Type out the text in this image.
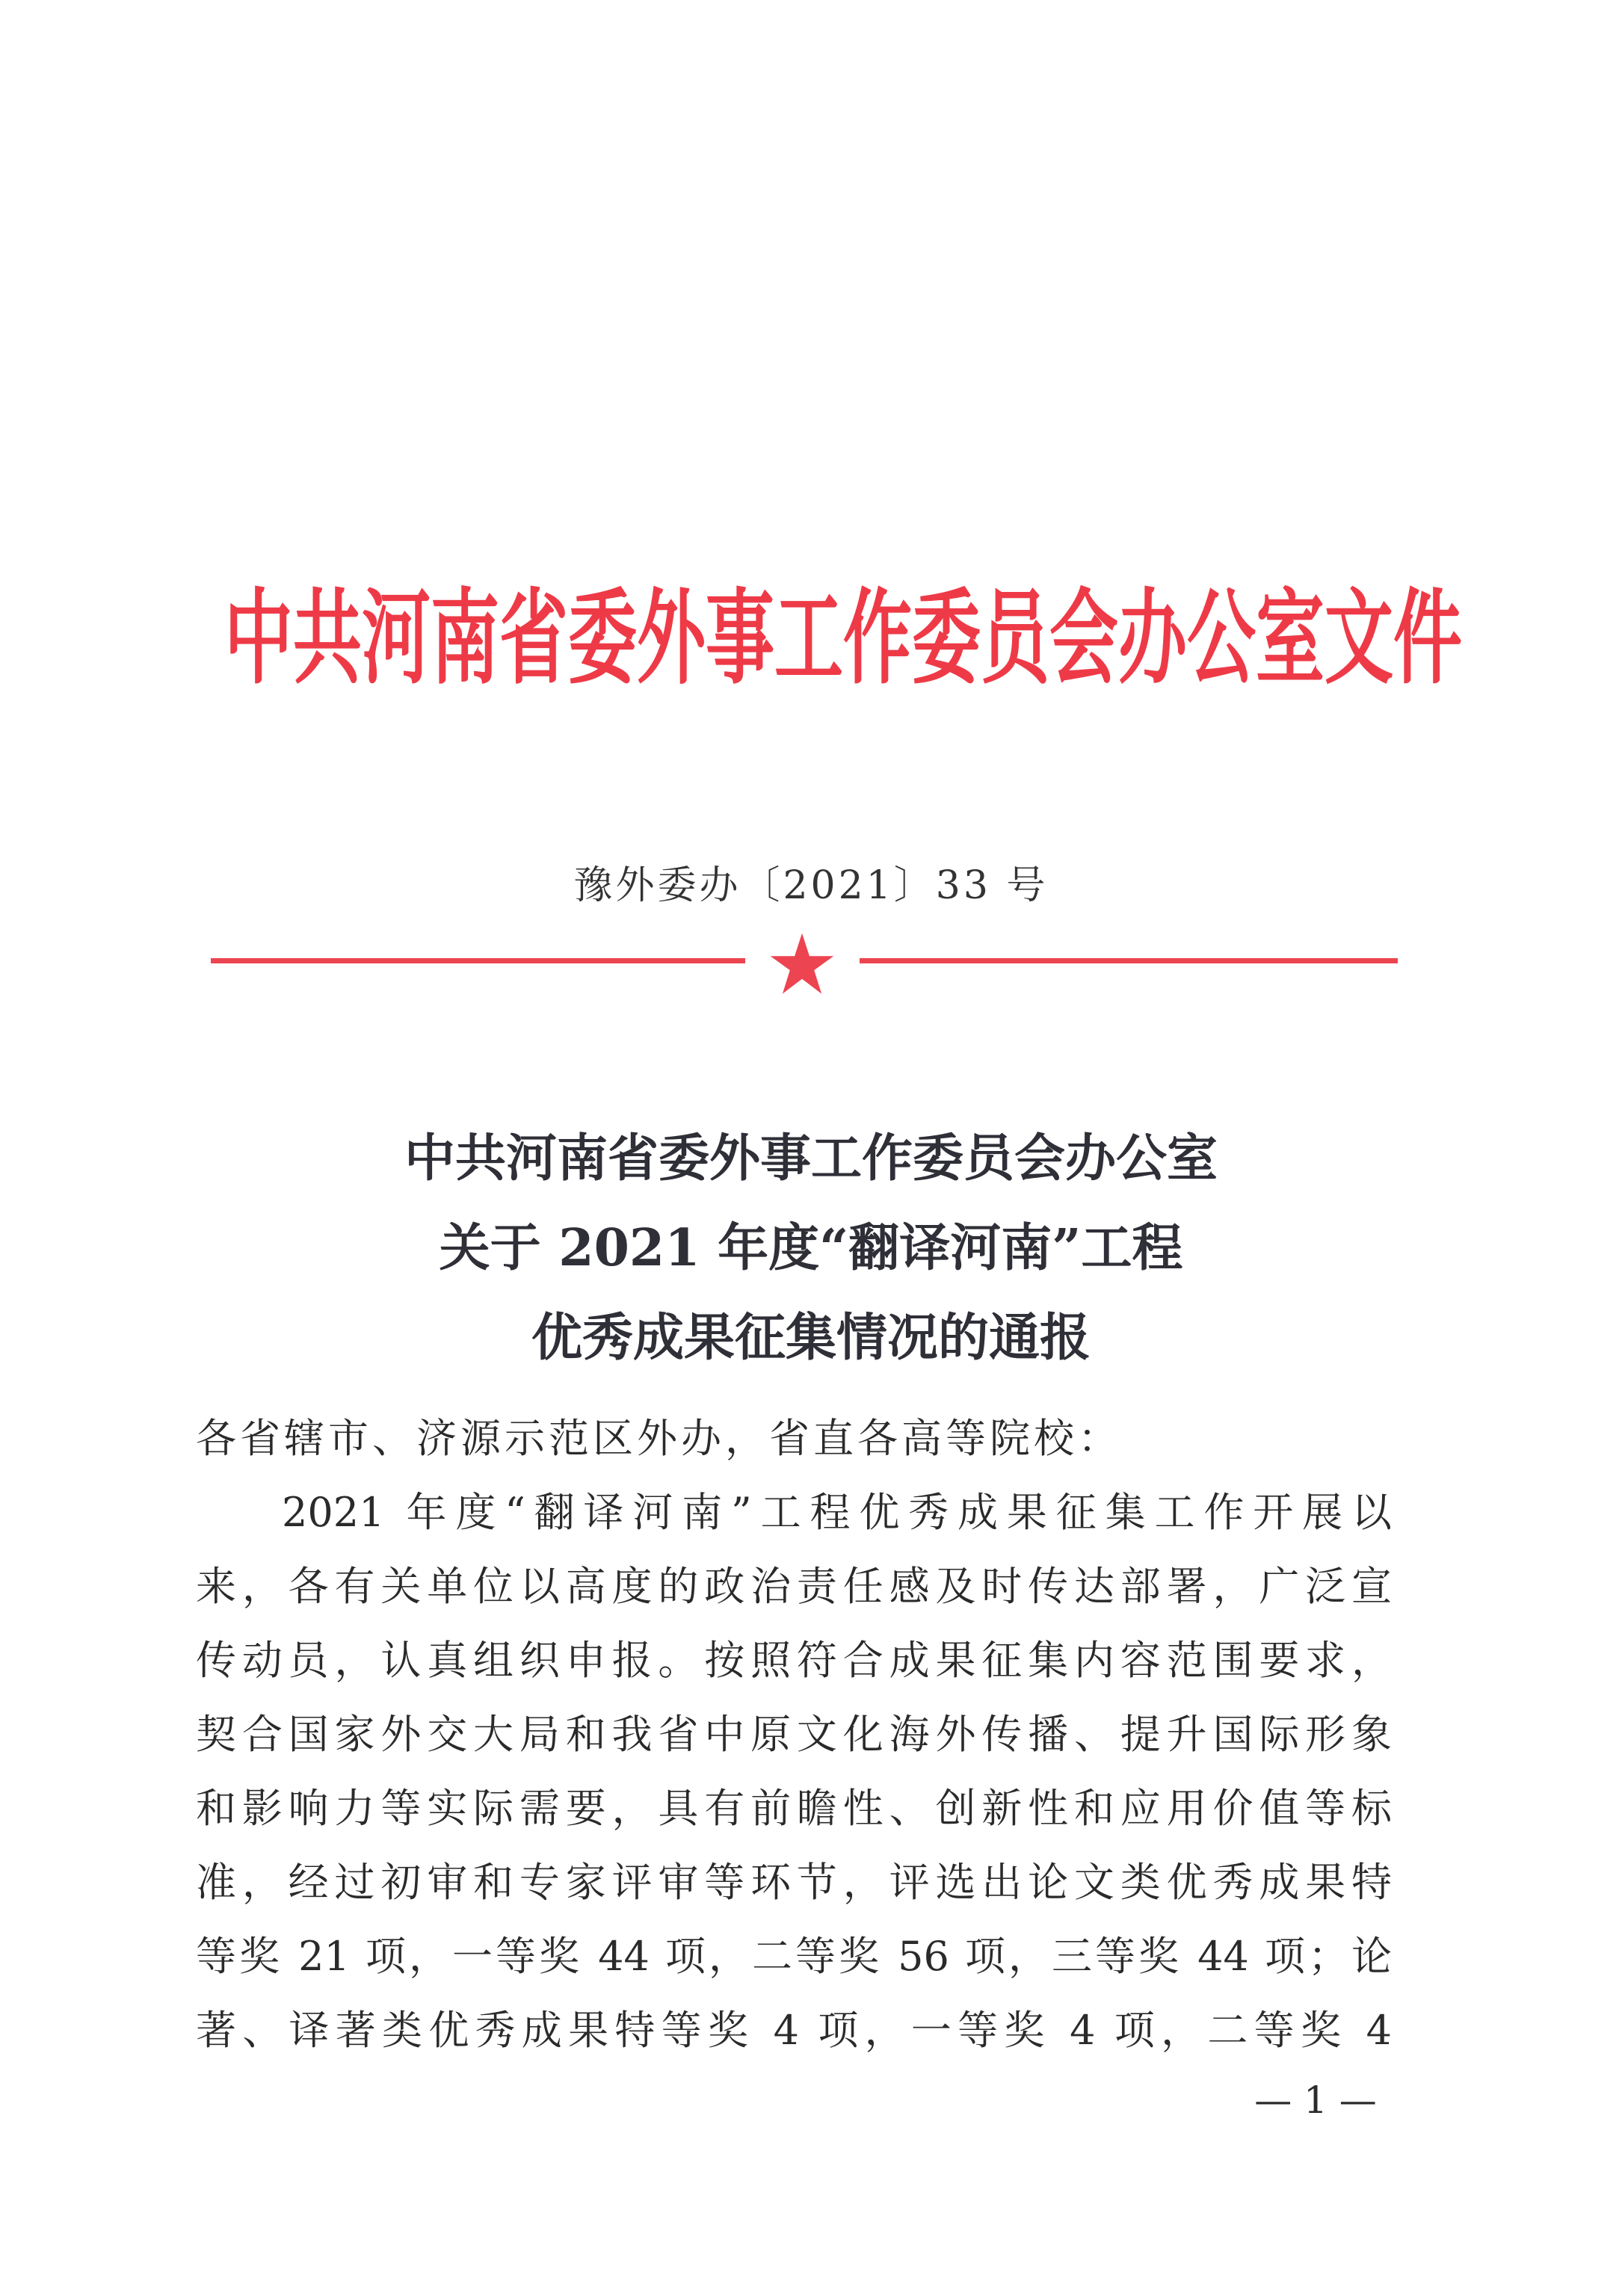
中共河南省委外事工作委员会办公室文件
豫外委办〔2021〕33 号
中共河南省委外事工作委员会办公室
关于 2021 年度“翻译河南”工程
优秀成果征集情况的通报
各省辖市、济源示范区外办，省直各高等院校：
2021 年度“翻译河南”工程优秀成果征集工作开展以
来，各有关单位以高度的政治责任感及时传达部署，广泛宣
传动员，认真组织申报。按照符合成果征集内容范围要求，
契合国家外交大局和我省中原文化海外传播、提升国际形象
和影响力等实际需要，具有前瞻性、创新性和应用价值等标
准，经过初审和专家评审等环节，评选出论文类优秀成果特
等奖 21 项，一等奖 44 项，二等奖 56 项，三等奖 44 项；论
著、译著类优秀成果特等奖 4 项，一等奖 4 项，二等奖 4
— 1 —
